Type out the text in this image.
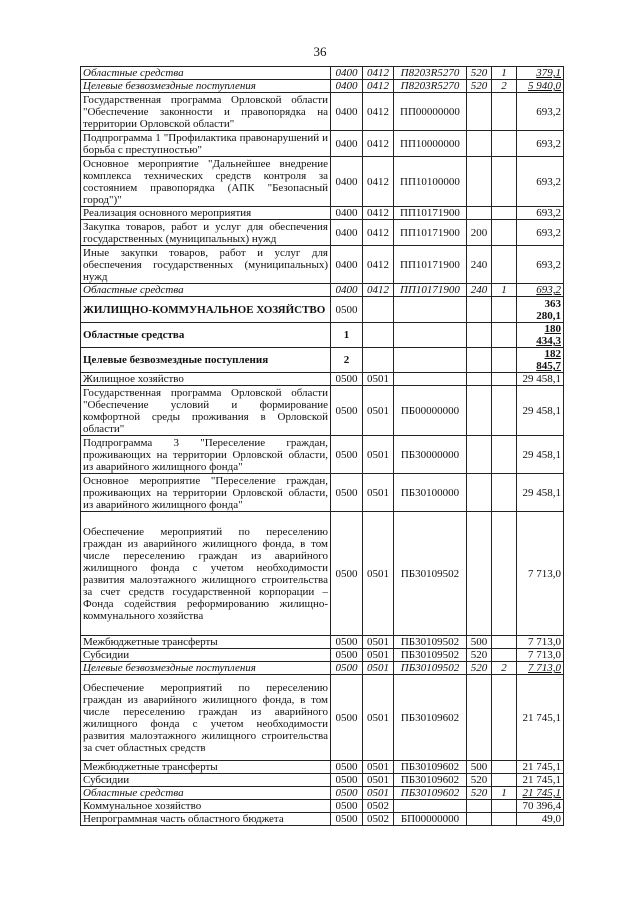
36
Областные средства	0400	0412	П8203R5270	520	1	379,1
Целевые безвозмездные поступления	0400	0412	П8203R5270	520	2	5 940,0
Государственная программа Орловской области "Обеспечение законности и правопорядка на территории Орловской области"	0400	0412	ПП00000000			693,2
Подпрограмма 1 "Профилактика правонарушений и борьба с преступностью"	0400	0412	ПП10000000			693,2
Основное мероприятие "Дальнейшее внедрение комплекса технических средств контроля за состоянием правопорядка (АПК "Безопасный город")"	0400	0412	ПП10100000			693,2
Реализация основного мероприятия	0400	0412	ПП10171900			693,2
Закупка товаров, работ и услуг для обеспечения государственных (муниципальных) нужд	0400	0412	ПП10171900	200		693,2
Иные закупки товаров, работ и услуг для обеспечения государственных (муниципальных) нужд	0400	0412	ПП10171900	240		693,2
Областные средства	0400	0412	ПП10171900	240	1	693,2
ЖИЛИЩНО-КОММУНАЛЬНОЕ ХОЗЯЙСТВО	0500					363 280,1
Областные средства	1					180 434,3
Целевые безвозмездные поступления	2					182 845,7
Жилищное хозяйство	0500	0501				29 458,1
Государственная программа Орловской области "Обеспечение условий и формирование комфортной среды проживания в Орловской области"	0500	0501	ПБ00000000			29 458,1
Подпрограмма 3 "Переселение граждан, проживающих на территории Орловской области, из аварийного жилищного фонда"	0500	0501	ПБ30000000			29 458,1
Основное мероприятие "Переселение граждан, проживающих на территории Орловской области, из аварийного жилищного фонда"	0500	0501	ПБ30100000			29 458,1
Обеспечение мероприятий по переселению граждан из аварийного жилищного фонда, в том числе переселению граждан из аварийного жилищного фонда с учетом необходимости развития малоэтажного жилищного строительства за счет средств государственной корпорации – Фонда содействия реформированию жилищно-коммунального хозяйства	0500	0501	ПБ30109502			7 713,0
Межбюджетные трансферты	0500	0501	ПБ30109502	500		7 713,0
Субсидии	0500	0501	ПБ30109502	520		7 713,0
Целевые безвозмездные поступления	0500	0501	ПБ30109502	520	2	7 713,0
Обеспечение мероприятий по переселению граждан из аварийного жилищного фонда, в том числе переселению граждан из аварийного жилищного фонда с учетом необходимости развития малоэтажного жилищного строительства за счет областных средств	0500	0501	ПБ30109602			21 745,1
Межбюджетные трансферты	0500	0501	ПБ30109602	500		21 745,1
Субсидии	0500	0501	ПБ30109602	520		21 745,1
Областные средства	0500	0501	ПБ30109602	520	1	21 745,1
Коммунальное хозяйство	0500	0502				70 396,4
Непрограммная часть областного бюджета	0500	0502	БП00000000			49,0
